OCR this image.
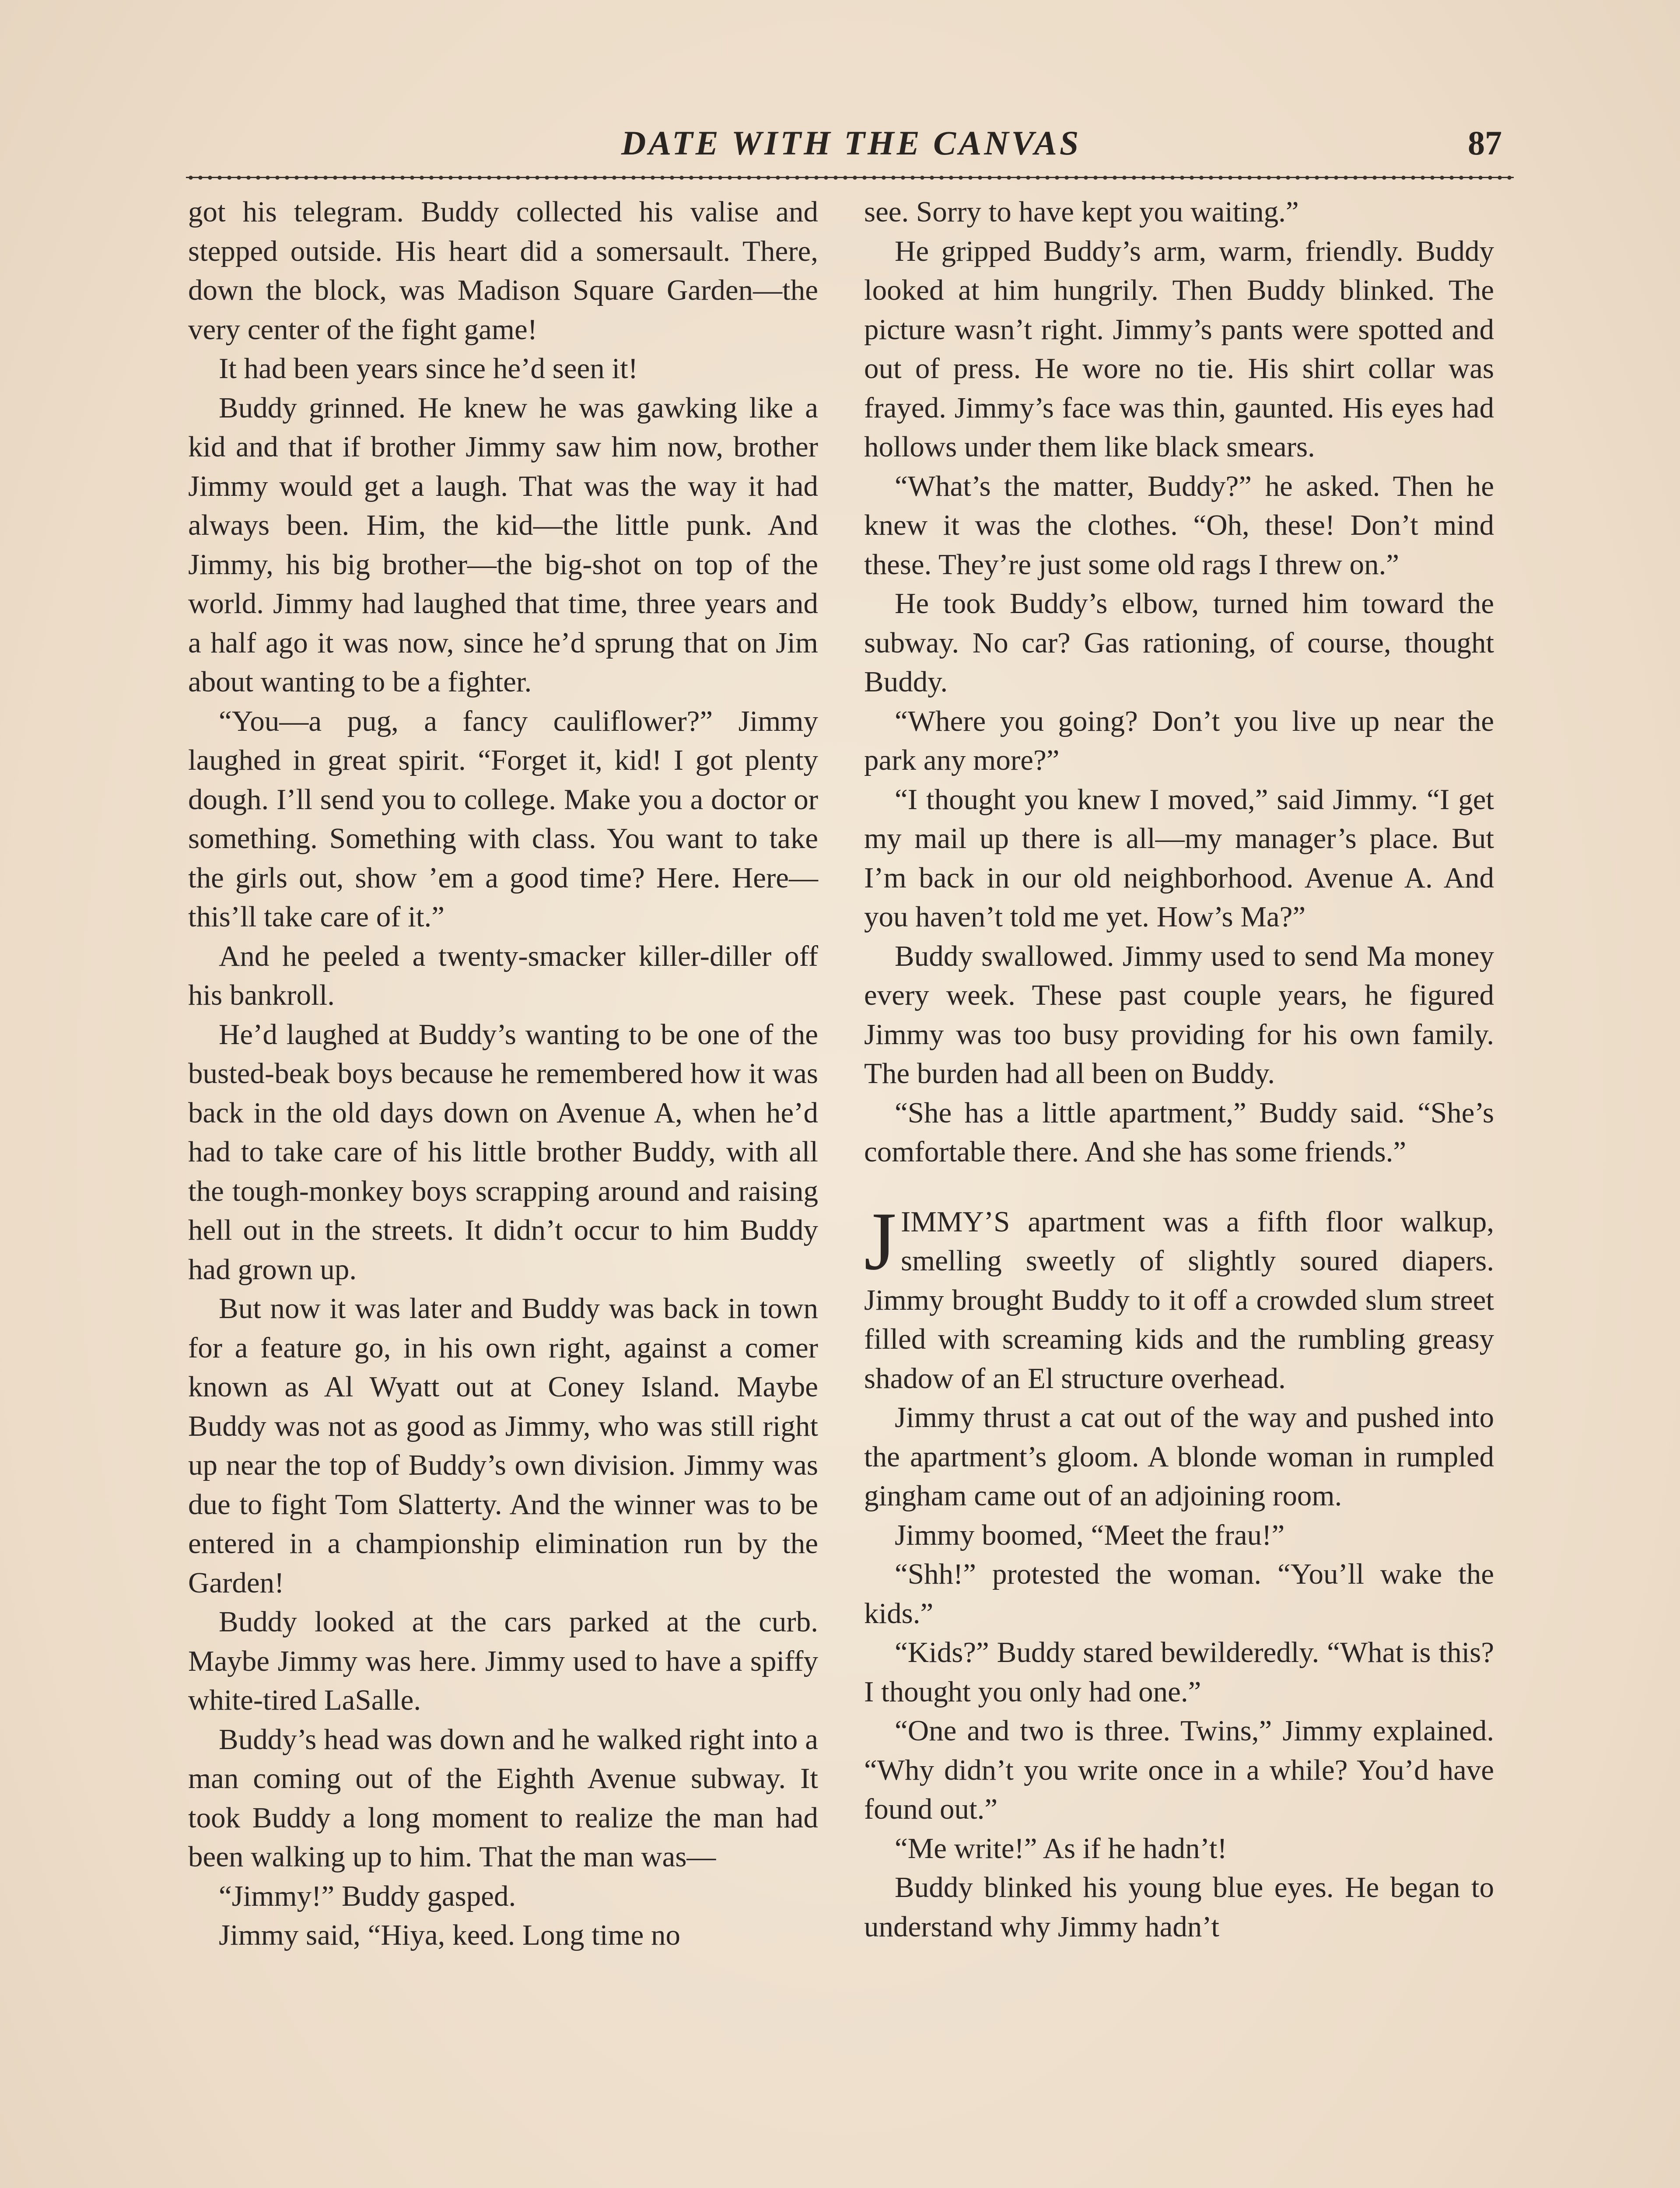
DATE WITH THE CANVAS	87

got his telegram. Buddy collected his valise and stepped outside. His heart did a somersault. There, down the block, was Madison Square Garden—the very center of the fight game!

It had been years since he’d seen it!

Buddy grinned. He knew he was gawking like a kid and that if brother Jimmy saw him now, brother Jimmy would get a laugh. That was the way it had always been. Him, the kid—the little punk. And Jimmy, his big brother—the big-shot on top of the world. Jimmy had laughed that time, three years and a half ago it was now, since he’d sprung that on Jim about wanting to be a fighter.

“You—a pug, a fancy cauliflower?” Jimmy laughed in great spirit. “Forget it, kid! I got plenty dough. I’ll send you to college. Make you a doctor or something. Something with class. You want to take the girls out, show ’em a good time? Here. Here—this’ll take care of it.”

And he peeled a twenty-smacker killer-diller off his bankroll.

He’d laughed at Buddy’s wanting to be one of the busted-beak boys because he remembered how it was back in the old days down on Avenue A, when he’d had to take care of his little brother Buddy, with all the tough-monkey boys scrapping around and raising hell out in the streets. It didn’t occur to him Buddy had grown up.

But now it was later and Buddy was back in town for a feature go, in his own right, against a comer known as Al Wyatt out at Coney Island. Maybe Buddy was not as good as Jimmy, who was still right up near the top of Buddy’s own division. Jimmy was due to fight Tom Slatterty. And the winner was to be entered in a championship elimination run by the Garden!

Buddy looked at the cars parked at the curb. Maybe Jimmy was here. Jimmy used to have a spiffy white-tired LaSalle.

Buddy’s head was down and he walked right into a man coming out of the Eighth Avenue subway. It took Buddy a long moment to realize the man had been walking up to him. That the man was—

“Jimmy!” Buddy gasped.

Jimmy said, “Hiya, keed. Long time no

see. Sorry to have kept you waiting.”

He gripped Buddy’s arm, warm, friendly. Buddy looked at him hungrily. Then Buddy blinked. The picture wasn’t right. Jimmy’s pants were spotted and out of press. He wore no tie. His shirt collar was frayed. Jimmy’s face was thin, gaunted. His eyes had hollows under them like black smears.

“What’s the matter, Buddy?” he asked. Then he knew it was the clothes. “Oh, these! Don’t mind these. They’re just some old rags I threw on.”

He took Buddy’s elbow, turned him toward the subway. No car? Gas rationing, of course, thought Buddy.

“Where you going? Don’t you live up near the park any more?”

“I thought you knew I moved,” said Jimmy. “I get my mail up there is all—my manager’s place. But I’m back in our old neighborhood. Avenue A. And you haven’t told me yet. How’s Ma?”

Buddy swallowed. Jimmy used to send Ma money every week. These past couple years, he figured Jimmy was too busy providing for his own family. The burden had all been on Buddy.

“She has a little apartment,” Buddy said. “She’s comfortable there. And she has some friends.”

JIMMY’S apartment was a fifth floor walkup, smelling sweetly of slightly soured diapers. Jimmy brought Buddy to it off a crowded slum street filled with screaming kids and the rumbling greasy shadow of an El structure overhead.

Jimmy thrust a cat out of the way and pushed into the apartment’s gloom. A blonde woman in rumpled gingham came out of an adjoining room.

Jimmy boomed, “Meet the frau!”

“Shh!” protested the woman. “You’ll wake the kids.”

“Kids?” Buddy stared bewilderedly. “What is this? I thought you only had one.”

“One and two is three. Twins,” Jimmy explained. “Why didn’t you write once in a while? You’d have found out.”

“Me write!” As if he hadn’t!

Buddy blinked his young blue eyes. He began to understand why Jimmy hadn’t
